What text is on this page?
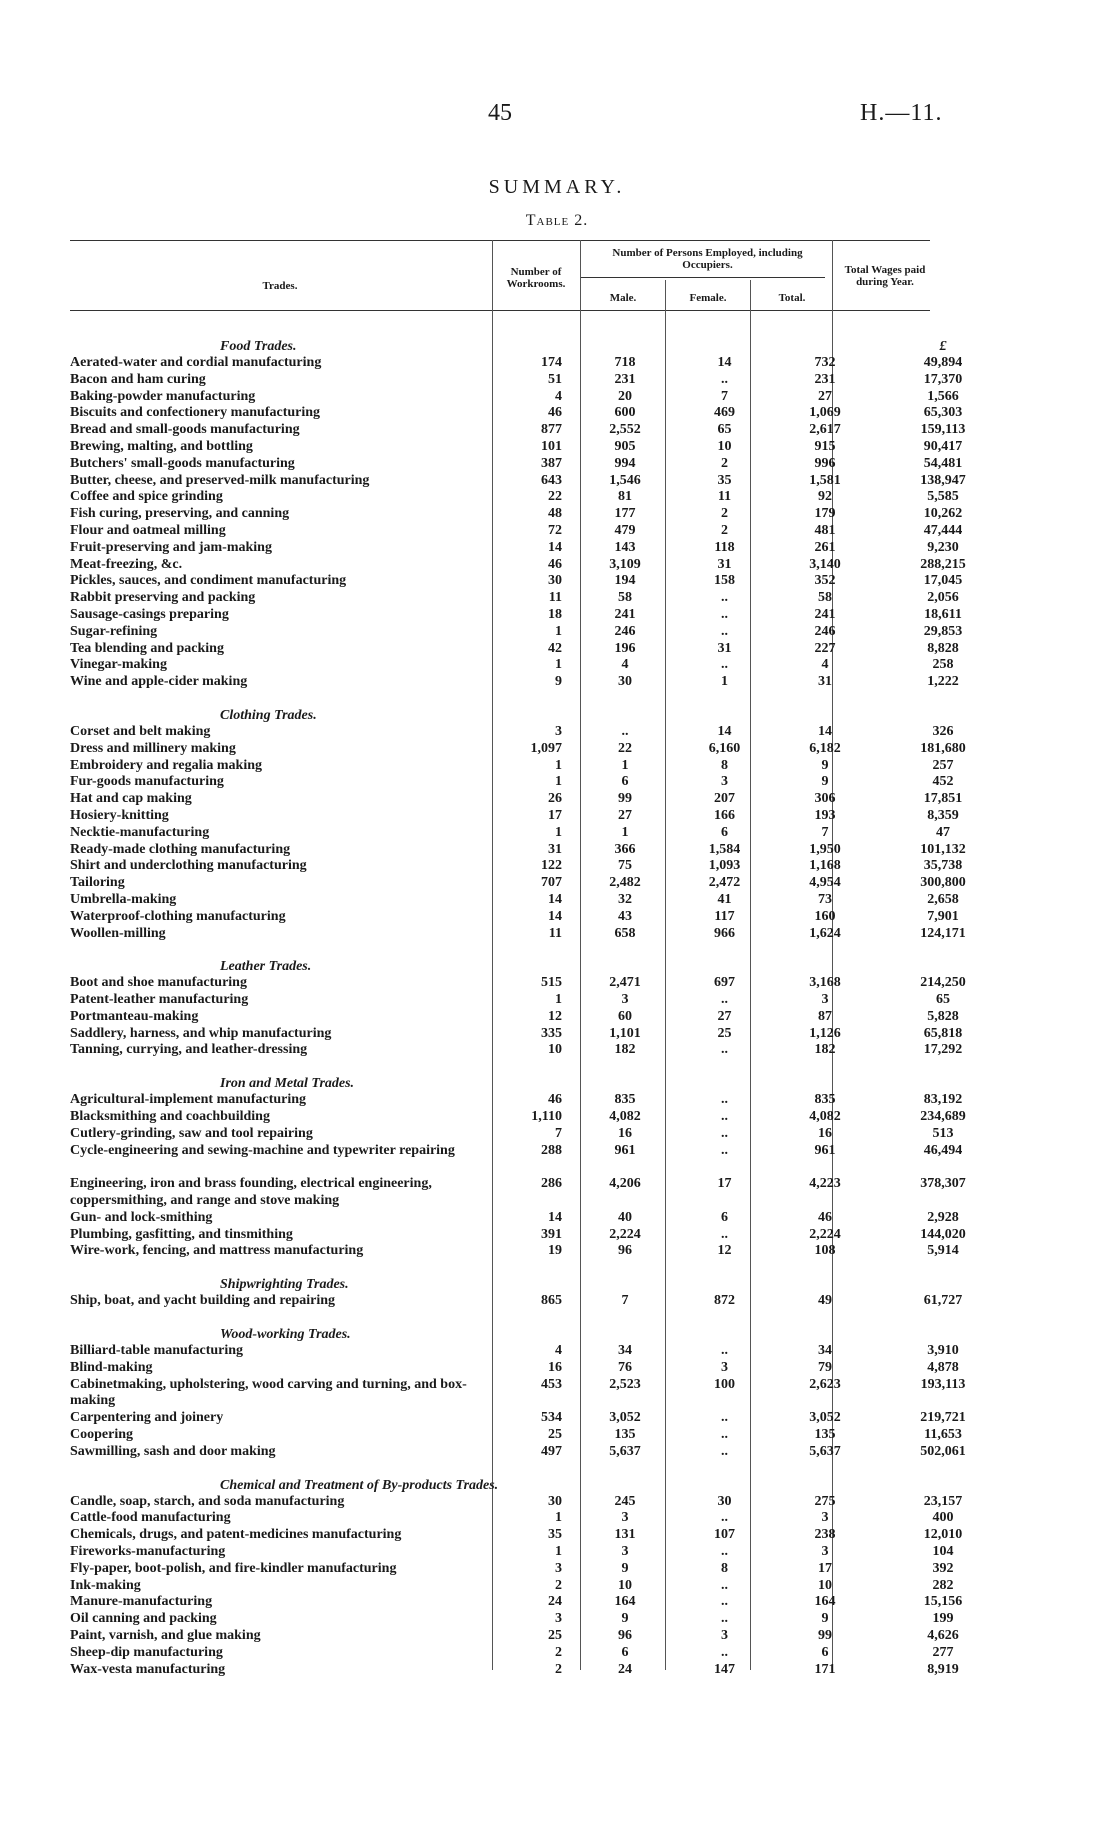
45	H.—11.
SUMMARY.
Table 2.
Trades.
Number of Workrooms.
Number of Persons Employed, including Occupiers.
Male.	Female.	Total.
Total Wages paid during Year.
Food Trades.	£
Aerated-water and cordial manufacturing	174	718	14	732	49,894
Bacon and ham curing	51	231	..	231	17,370
Baking-powder manufacturing	4	20	7	27	1,566
Biscuits and confectionery manufacturing	46	600	469	1,069	65,303
Bread and small-goods manufacturing	877	2,552	65	2,617	159,113
Brewing, malting, and bottling	101	905	10	915	90,417
Butchers' small-goods manufacturing	387	994	2	996	54,481
Butter, cheese, and preserved-milk manufacturing	643	1,546	35	1,581	138,947
Coffee and spice grinding	22	81	11	92	5,585
Fish curing, preserving, and canning	48	177	2	179	10,262
Flour and oatmeal milling	72	479	2	481	47,444
Fruit-preserving and jam-making	14	143	118	261	9,230
Meat-freezing, &c.	46	3,109	31	3,140	288,215
Pickles, sauces, and condiment manufacturing	30	194	158	352	17,045
Rabbit preserving and packing	11	58	..	58	2,056
Sausage-casings preparing	18	241	..	241	18,611
Sugar-refining	1	246	..	246	29,853
Tea blending and packing	42	196	31	227	8,828
Vinegar-making	1	4	..	4	258
Wine and apple-cider making	9	30	1	31	1,222
Clothing Trades.
Corset and belt making	3	..	14	14	326
Dress and millinery making	1,097	22	6,160	6,182	181,680
Embroidery and regalia making	1	1	8	9	257
Fur-goods manufacturing	1	6	3	9	452
Hat and cap making	26	99	207	306	17,851
Hosiery-knitting	17	27	166	193	8,359
Necktie-manufacturing	1	1	6	7	47
Ready-made clothing manufacturing	31	366	1,584	1,950	101,132
Shirt and underclothing manufacturing	122	75	1,093	1,168	35,738
Tailoring	707	2,482	2,472	4,954	300,800
Umbrella-making	14	32	41	73	2,658
Waterproof-clothing manufacturing	14	43	117	160	7,901
Woollen-milling	11	658	966	1,624	124,171
Leather Trades.
Boot and shoe manufacturing	515	2,471	697	3,168	214,250
Patent-leather manufacturing	1	3	..	3	65
Portmanteau-making	12	60	27	87	5,828
Saddlery, harness, and whip manufacturing	335	1,101	25	1,126	65,818
Tanning, currying, and leather-dressing	10	182	..	182	17,292
Iron and Metal Trades.
Agricultural-implement manufacturing	46	835	..	835	83,192
Blacksmithing and coachbuilding	1,110	4,082	..	4,082	234,689
Cutlery-grinding, saw and tool repairing	7	16	..	16	513
Cycle-engineering and sewing-machine and typewriter repairing	288	961	..	961	46,494
Engineering, iron and brass founding, electrical engineering, coppersmithing, and range and stove making
286	4,206	17	4,223	378,307
Gun- and lock-smithing	14	40	6	46	2,928
Plumbing, gasfitting, and tinsmithing	391	2,224	..	2,224	144,020
Wire-work, fencing, and mattress manufacturing	19	96	12	108	5,914
Shipwrighting Trades.
Ship, boat, and yacht building and repairing	865	7	872	49	61,727
Wood-working Trades.
Billiard-table manufacturing	4	34	..	34	3,910
Blind-making	16	76	3	79	4,878
Cabinetmaking, upholstering, wood carving and turning, and box-making
453	2,523	100	2,623	193,113
Carpentering and joinery	534	3,052	..	3,052	219,721
Coopering	25	135	..	135	11,653
Sawmilling, sash and door making	497	5,637	..	5,637	502,061
Chemical and Treatment of By-products Trades.
Candle, soap, starch, and soda manufacturing	30	245	30	275	23,157
Cattle-food manufacturing	1	3	..	3	400
Chemicals, drugs, and patent-medicines manufacturing	35	131	107	238	12,010
Fireworks-manufacturing	1	3	..	3	104
Fly-paper, boot-polish, and fire-kindler manufacturing	3	9	8	17	392
Ink-making	2	10	..	10	282
Manure-manufacturing	24	164	..	164	15,156
Oil canning and packing	3	9	..	9	199
Paint, varnish, and glue making	25	96	3	99	4,626
Sheep-dip manufacturing	2	6	..	6	277
Wax-vesta manufacturing	2	24	147	171	8,919
